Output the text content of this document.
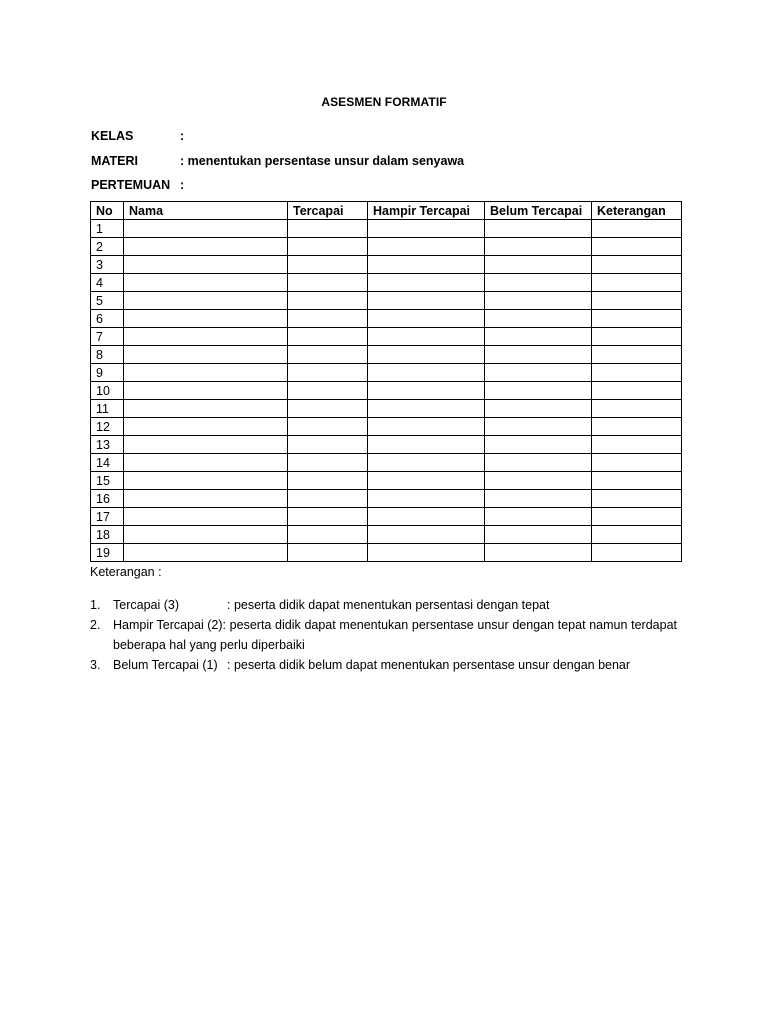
ASESMEN FORMATIF
KELAS	:
MATERI	: menentukan persentase unsur dalam senyawa
PERTEMUAN :
No	Nama	Tercapai	Hampir Tercapai	Belum Tercapai	Keterangan
1					
2					
3					
4					
5					
6					
7					
8					
9					
10					
11					
12					
13					
14					
15					
16					
17					
18					
19					
Keterangan :
1. Tercapai (3)	: peserta didik dapat menentukan persentasi dengan tepat
2. Hampir Tercapai (2): peserta didik dapat menentukan persentase unsur dengan tepat namun terdapat beberapa hal yang perlu diperbaiki
3. Belum Tercapai (1) : peserta didik belum dapat menentukan persentase unsur dengan benar
